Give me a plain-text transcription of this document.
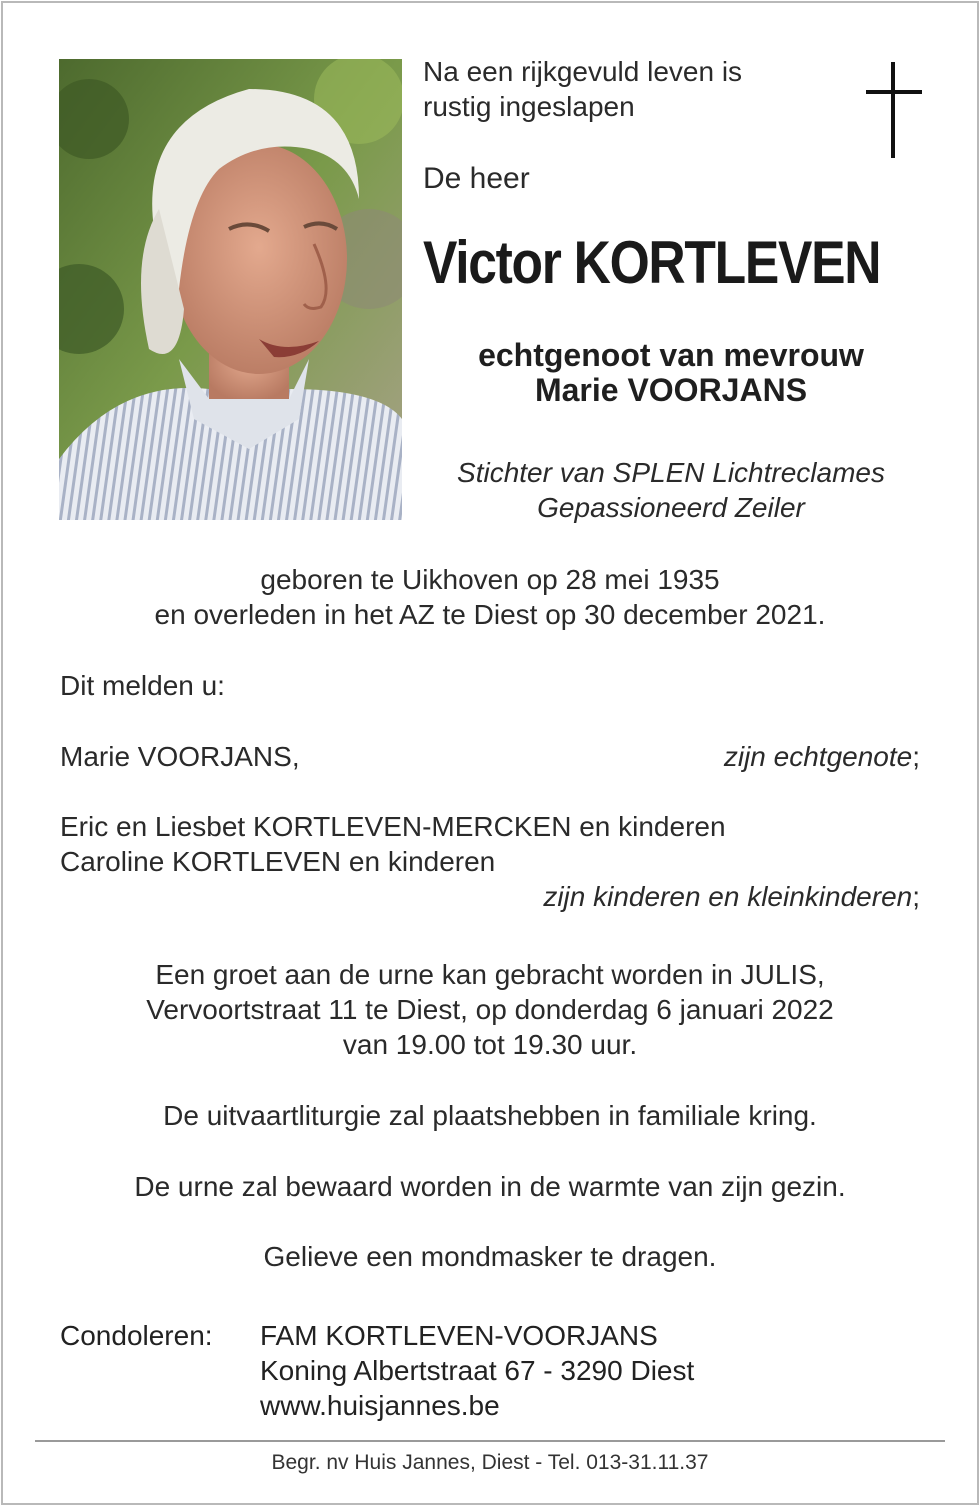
Na een rijkgevuld leven is
rustig ingeslapen
De heer
Victor KORTLEVEN
echtgenoot van mevrouw
Marie VOORJANS
Stichter van SPLEN Lichtreclames
Gepassioneerd Zeiler
geboren te Uikhoven op 28 mei 1935
en overleden in het AZ te Diest op 30 december 2021.
Dit melden u:
Marie VOORJANS,	zijn echtgenote;
Eric en Liesbet KORTLEVEN-MERCKEN en kinderen
Caroline KORTLEVEN en kinderen
zijn kinderen en kleinkinderen;
Een groet aan de urne kan gebracht worden in JULIS,
Vervoortstraat 11 te Diest, op donderdag 6 januari 2022
van 19.00 tot 19.30 uur.
De uitvaartliturgie zal plaatshebben in familiale kring.
De urne zal bewaard worden in de warmte van zijn gezin.
Gelieve een mondmasker te dragen.
Condoleren: FAM KORTLEVEN-VOORJANS
Koning Albertstraat 67 - 3290 Diest
www.huisjannes.be
Begr. nv Huis Jannes, Diest - Tel. 013-31.11.37
